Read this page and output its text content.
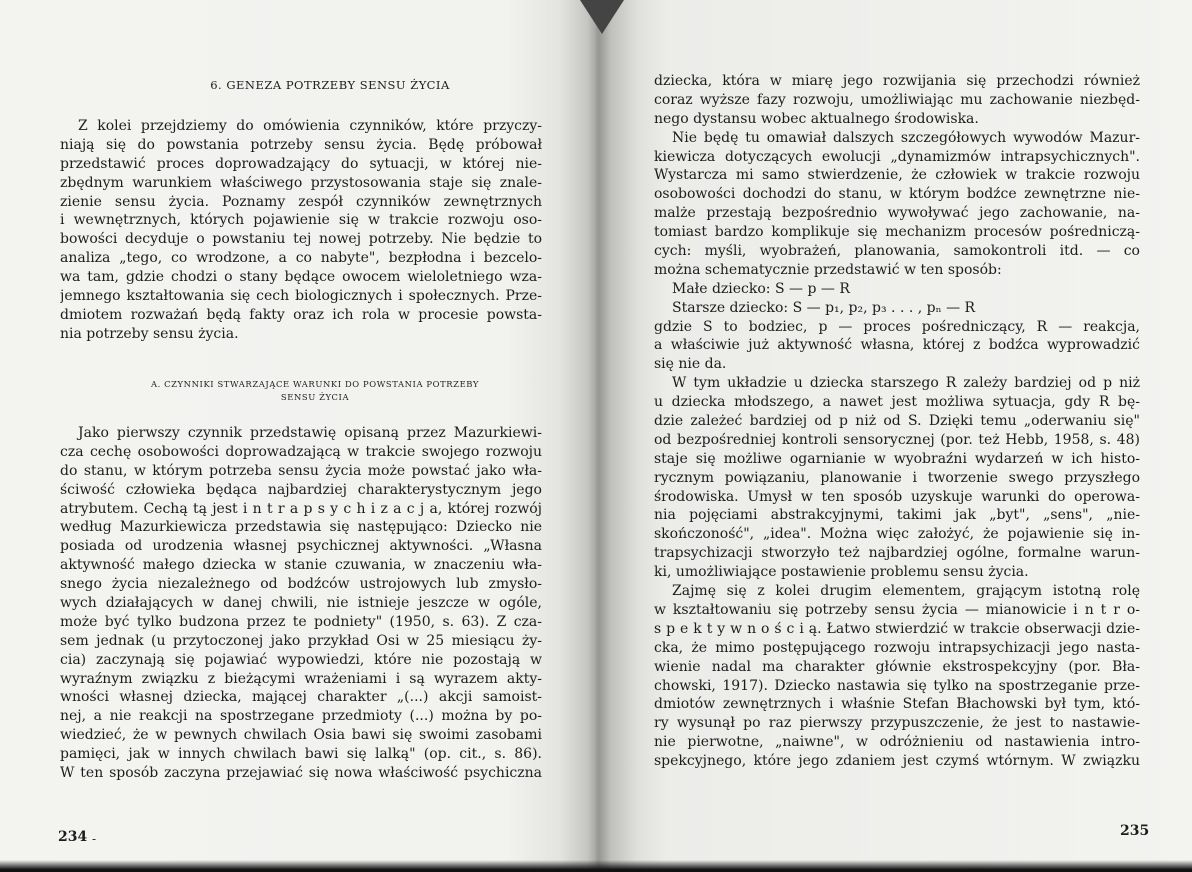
6. GENEZA POTRZEBY SENSU ŻYCIA
Z kolei przejdziemy do omówienia czynników, które przyczy-
niają się do powstania potrzeby sensu życia. Będę próbował
przedstawić proces doprowadzający do sytuacji, w której nie-
zbędnym warunkiem właściwego przystosowania staje się znale-
zienie sensu życia. Poznamy zespół czynników zewnętrznych
i wewnętrznych, których pojawienie się w trakcie rozwoju oso-
bowości decyduje o powstaniu tej nowej potrzeby. Nie będzie to
analiza „tego, co wrodzone, a co nabyte", bezpłodna i bezcelo-
wa tam, gdzie chodzi o stany będące owocem wieloletniego wza-
jemnego kształtowania się cech biologicznych i społecznych. Prze-
dmiotem rozważań będą fakty oraz ich rola w procesie powsta-
nia potrzeby sensu życia.
A. CZYNNIKI STWARZAJĄCE WARUNKI DO POWSTANIA POTRZEBY
SENSU ŻYCIA
Jako pierwszy czynnik przedstawię opisaną przez Mazurkiewi-
cza cechę osobowości doprowadzającą w trakcie swojego rozwoju
do stanu, w którym potrzeba sensu życia może powstać jako wła-
ściwość człowieka będąca najbardziej charakterystycznym jego
atrybutem. Cechą tą jest i n t r a p s y c h i z a c j a, której rozwój
według Mazurkiewicza przedstawia się następująco: Dziecko nie
posiada od urodzenia własnej psychicznej aktywności. „Własna
aktywność małego dziecka w stanie czuwania, w znaczeniu wła-
snego życia niezależnego od bodźców ustrojowych lub zmysło-
wych działających w danej chwili, nie istnieje jeszcze w ogóle,
może być tylko budzona przez te podniety" (1950, s. 63). Z cza-
sem jednak (u przytoczonej jako przykład Osi w 25 miesiącu ży-
cia) zaczynają się pojawiać wypowiedzi, które nie pozostają w
wyraźnym związku z bieżącymi wrażeniami i są wyrazem akty-
wności własnej dziecka, mającej charakter „(...) akcji samoist-
nej, a nie reakcji na spostrzegane przedmioty (...) można by po-
wiedzieć, że w pewnych chwilach Osia bawi się swoimi zasobami
pamięci, jak w innych chwilach bawi się lalką" (op. cit., s. 86).
W ten sposób zaczyna przejawiać się nowa właściwość psychiczna
234 -
dziecka, która w miarę jego rozwijania się przechodzi również
coraz wyższe fazy rozwoju, umożliwiając mu zachowanie niezbęd-
nego dystansu wobec aktualnego środowiska.
Nie będę tu omawiał dalszych szczegółowych wywodów Mazur-
kiewicza dotyczących ewolucji „dynamizmów intrapsychicznych".
Wystarcza mi samo stwierdzenie, że człowiek w trakcie rozwoju
osobowości dochodzi do stanu, w którym bodźce zewnętrzne nie-
malże przestają bezpośrednio wywoływać jego zachowanie, na-
tomiast bardzo komplikuje się mechanizm procesów pośredniczą-
cych: myśli, wyobrażeń, planowania, samokontroli itd. — co
można schematycznie przedstawić w ten sposób:
Małe dziecko: S — p — R
Starsze dziecko: S — p₁, p₂, p₃ . . . , pₙ — R
gdzie S to bodziec, p — proces pośredniczący, R — reakcja,
a właściwie już aktywność własna, której z bodźca wyprowadzić
się nie da.
W tym układzie u dziecka starszego R zależy bardziej od p niż
u dziecka młodszego, a nawet jest możliwa sytuacja, gdy R bę-
dzie zależeć bardziej od p niż od S. Dzięki temu „oderwaniu się"
od bezpośredniej kontroli sensorycznej (por. też Hebb, 1958, s. 48)
staje się możliwe ogarnianie w wyobraźni wydarzeń w ich histo-
rycznym powiązaniu, planowanie i tworzenie swego przyszłego
środowiska. Umysł w ten sposób uzyskuje warunki do operowa-
nia pojęciami abstrakcyjnymi, takimi jak „byt", „sens", „nie-
skończoność", „idea". Można więc założyć, że pojawienie się in-
trapsychizacji stworzyło też najbardziej ogólne, formalne warun-
ki, umożliwiające postawienie problemu sensu życia.
Zajmę się z kolei drugim elementem, grającym istotną rolę
w kształtowaniu się potrzeby sensu życia — mianowicie i n t r o-
s p e k t y w n o ś c i ą. Łatwo stwierdzić w trakcie obserwacji dzie-
cka, że mimo postępującego rozwoju intrapsychizacji jego nasta-
wienie nadal ma charakter głównie ekstrospekcyjny (por. Bła-
chowski, 1917). Dziecko nastawia się tylko na spostrzeganie prze-
dmiotów zewnętrznych i właśnie Stefan Błachowski był tym, któ-
ry wysunął po raz pierwszy przypuszczenie, że jest to nastawie-
nie pierwotne, „naiwne", w odróżnieniu od nastawienia intro-
spekcyjnego, które jego zdaniem jest czymś wtórnym. W związku
235
